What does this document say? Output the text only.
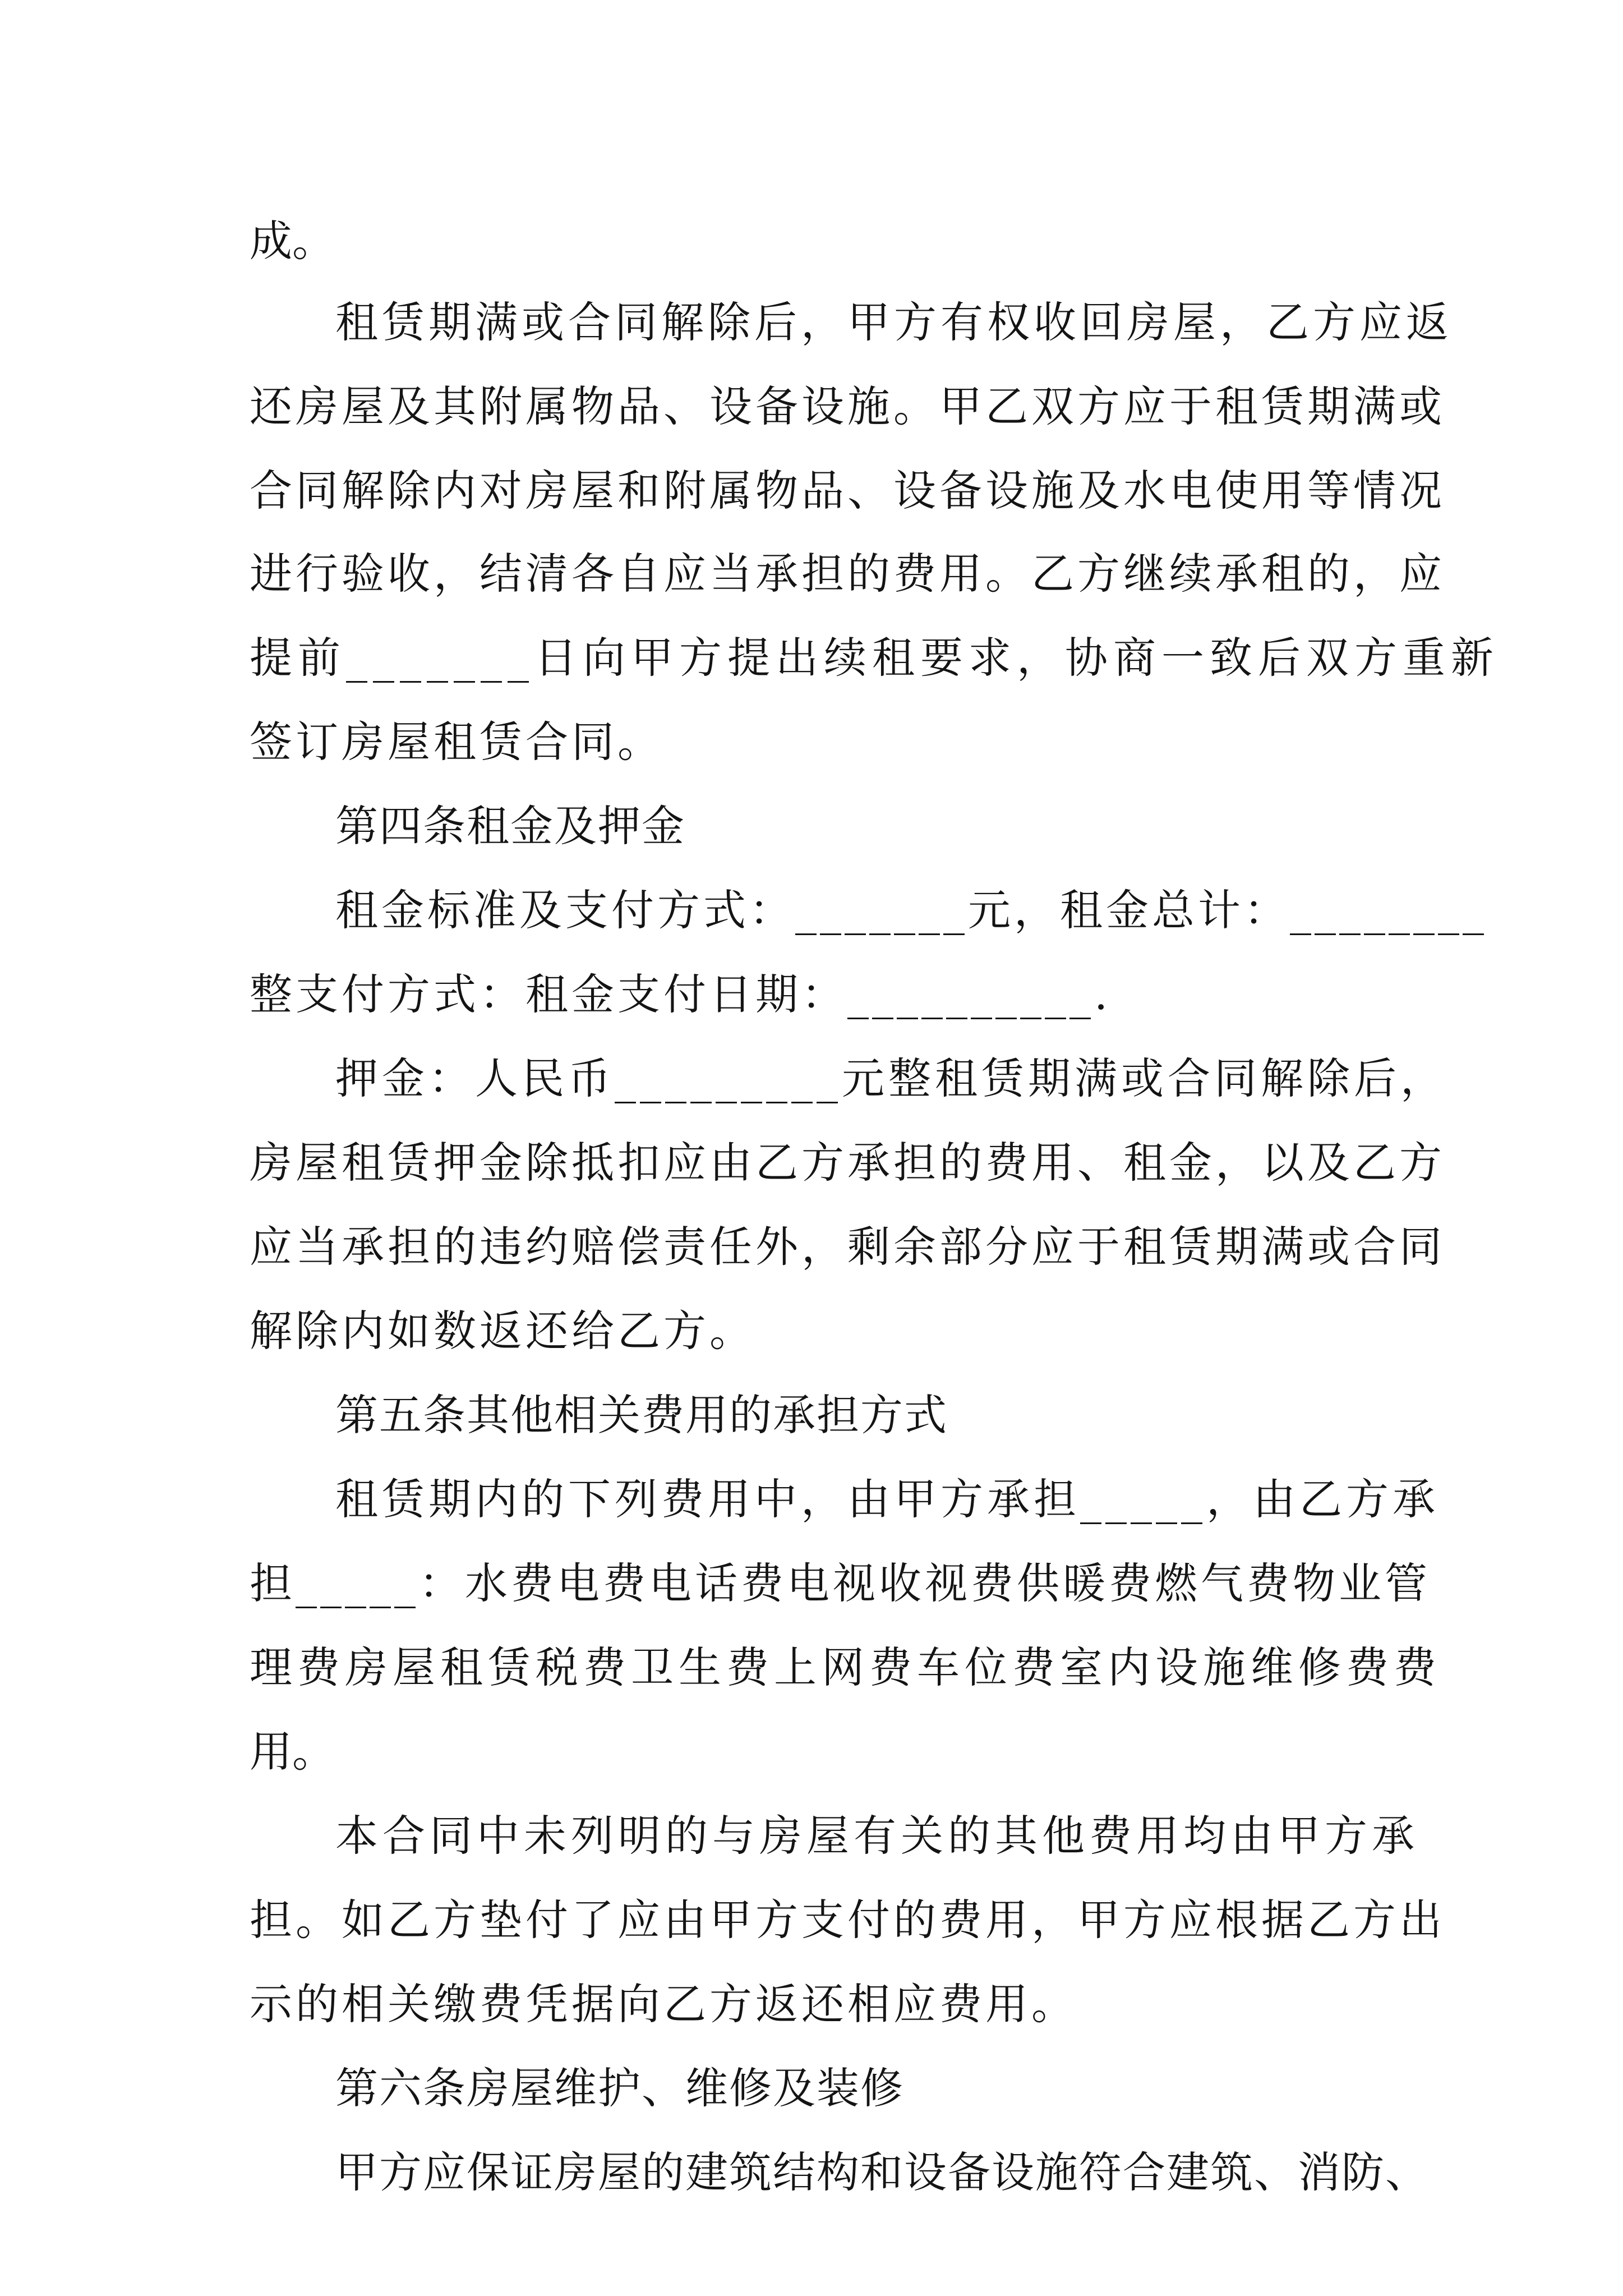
成。
租赁期满或合同解除后，甲方有权收回房屋，乙方应返
还房屋及其附属物品、设备设施。甲乙双方应于租赁期满或
合同解除内对房屋和附属物品、设备设施及水电使用等情况
进行验收，结清各自应当承担的费用。乙方继续承租的，应
提前_______日向甲方提出续租要求，协商一致后双方重新
签订房屋租赁合同。
第四条租金及押金
租金标准及支付方式：_______元，租金总计：________
整支付方式：租金支付日期：__________.
押金：人民币_________元整租赁期满或合同解除后，
房屋租赁押金除抵扣应由乙方承担的费用、租金，以及乙方
应当承担的违约赔偿责任外，剩余部分应于租赁期满或合同
解除内如数返还给乙方。
第五条其他相关费用的承担方式
租赁期内的下列费用中，由甲方承担_____，由乙方承
担_____：水费电费电话费电视收视费供暖费燃气费物业管
理费房屋租赁税费卫生费上网费车位费室内设施维修费费
用。
本合同中未列明的与房屋有关的其他费用均由甲方承
担。如乙方垫付了应由甲方支付的费用，甲方应根据乙方出
示的相关缴费凭据向乙方返还相应费用。
第六条房屋维护、维修及装修
甲方应保证房屋的建筑结构和设备设施符合建筑、消防、
